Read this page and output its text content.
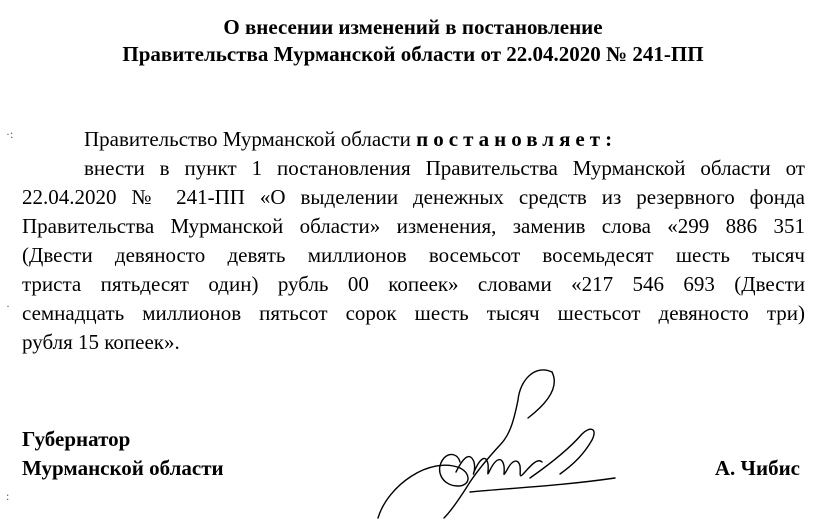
О внесении изменений в постановление
Правительства Мурманской области от 22.04.2020 № 241-ПП
Правительство Мурманской области постановляет:
внести в пункт 1 постановления Правительства Мурманской области от
22.04.2020 № 241-ПП «О выделении денежных средств из резервного фонда
Правительства Мурманской области» изменения, заменив слова «299 886 351
(Двести девяносто девять миллионов восемьсот восемьдесят шесть тысяч
триста пятьдесят один) рубль 00 копеек» словами «217 546 693 (Двести
семнадцать миллионов пятьсот сорок шесть тысяч шестьсот девяносто три)
рубля 15 копеек».
Губернатор
Мурманской области	А. Чибис
·:
·
:
